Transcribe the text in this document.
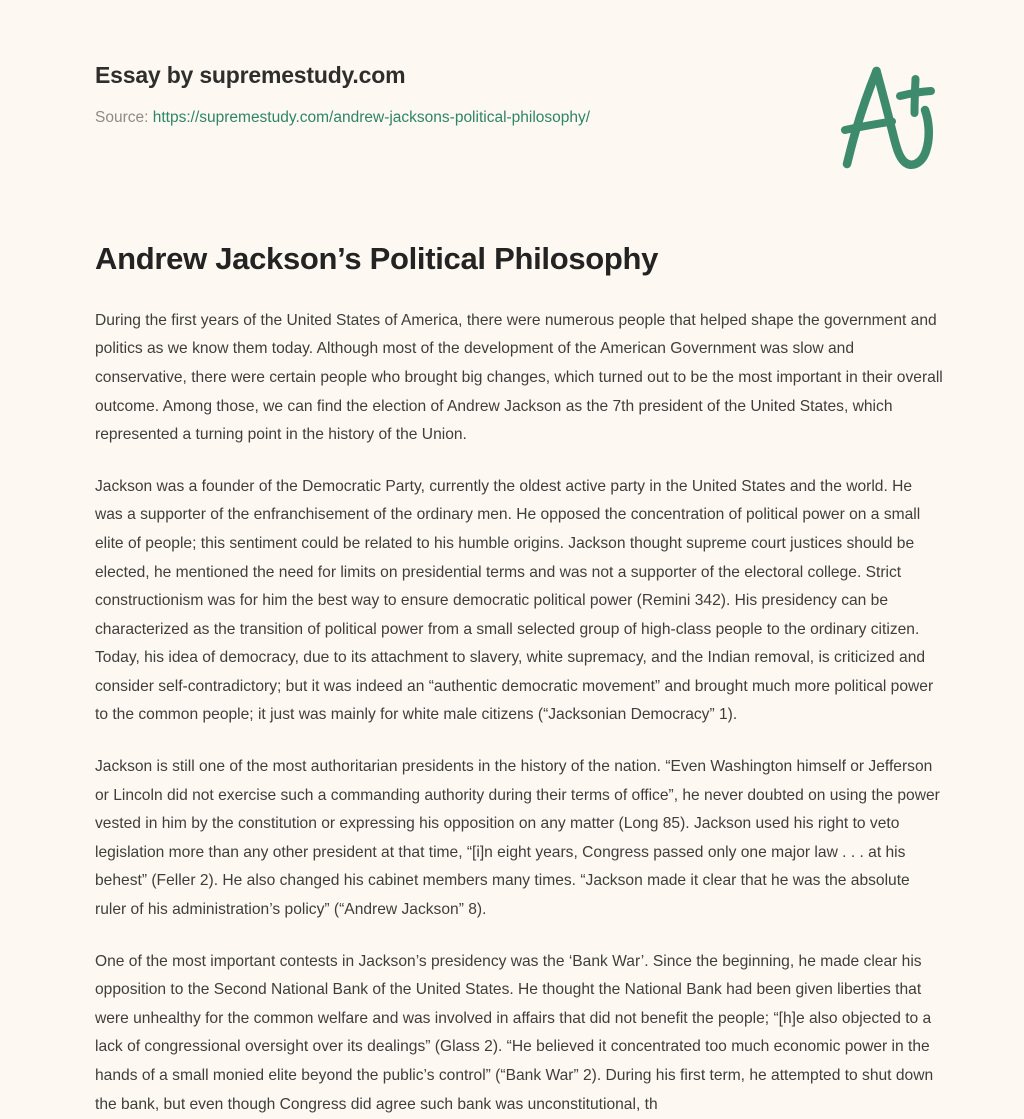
Essay by supremestudy.com
Source: https://supremestudy.com/andrew-jacksons-political-philosophy/
Andrew Jackson’s Political Philosophy

During the first years of the United States of America, there were numerous people that helped shape the government and politics as we know them today. Although most of the development of the American Government was slow and conservative, there were certain people who brought big changes, which turned out to be the most important in their overall outcome. Among those, we can find the election of Andrew Jackson as the 7th president of the United States, which represented a turning point in the history of the Union.

Jackson was a founder of the Democratic Party, currently the oldest active party in the United States and the world. He was a supporter of the enfranchisement of the ordinary men. He opposed the concentration of political power on a small elite of people; this sentiment could be related to his humble origins. Jackson thought supreme court justices should be elected, he mentioned the need for limits on presidential terms and was not a supporter of the electoral college. Strict constructionism was for him the best way to ensure democratic political power (Remini 342). His presidency can be characterized as the transition of political power from a small selected group of high-class people to the ordinary citizen. Today, his idea of democracy, due to its attachment to slavery, white supremacy, and the Indian removal, is criticized and consider self-contradictory; but it was indeed an “authentic democratic movement” and brought much more political power to the common people; it just was mainly for white male citizens (“Jacksonian Democracy” 1).

Jackson is still one of the most authoritarian presidents in the history of the nation. “Even Washington himself or Jefferson or Lincoln did not exercise such a commanding authority during their terms of office”, he never doubted on using the power vested in him by the constitution or expressing his opposition on any matter (Long 85). Jackson used his right to veto legislation more than any other president at that time, “[i]n eight years, Congress passed only one major law . . . at his behest” (Feller 2). He also changed his cabinet members many times. “Jackson made it clear that he was the absolute ruler of his administration’s policy” (“Andrew Jackson” 8).

One of the most important contests in Jackson’s presidency was the ‘Bank War’. Since the beginning, he made clear his opposition to the Second National Bank of the United States. He thought the National Bank had been given liberties that were unhealthy for the common welfare and was involved in affairs that did not benefit the people; “[h]e also objected to a lack of congressional oversight over its dealings” (Glass 2). “He believed it concentrated too much economic power in the hands of a small monied elite beyond the public’s control” (“Bank War” 2). During his first term, he attempted to shut down the bank, but even though Congress did agree such bank was unconstitutional, th
